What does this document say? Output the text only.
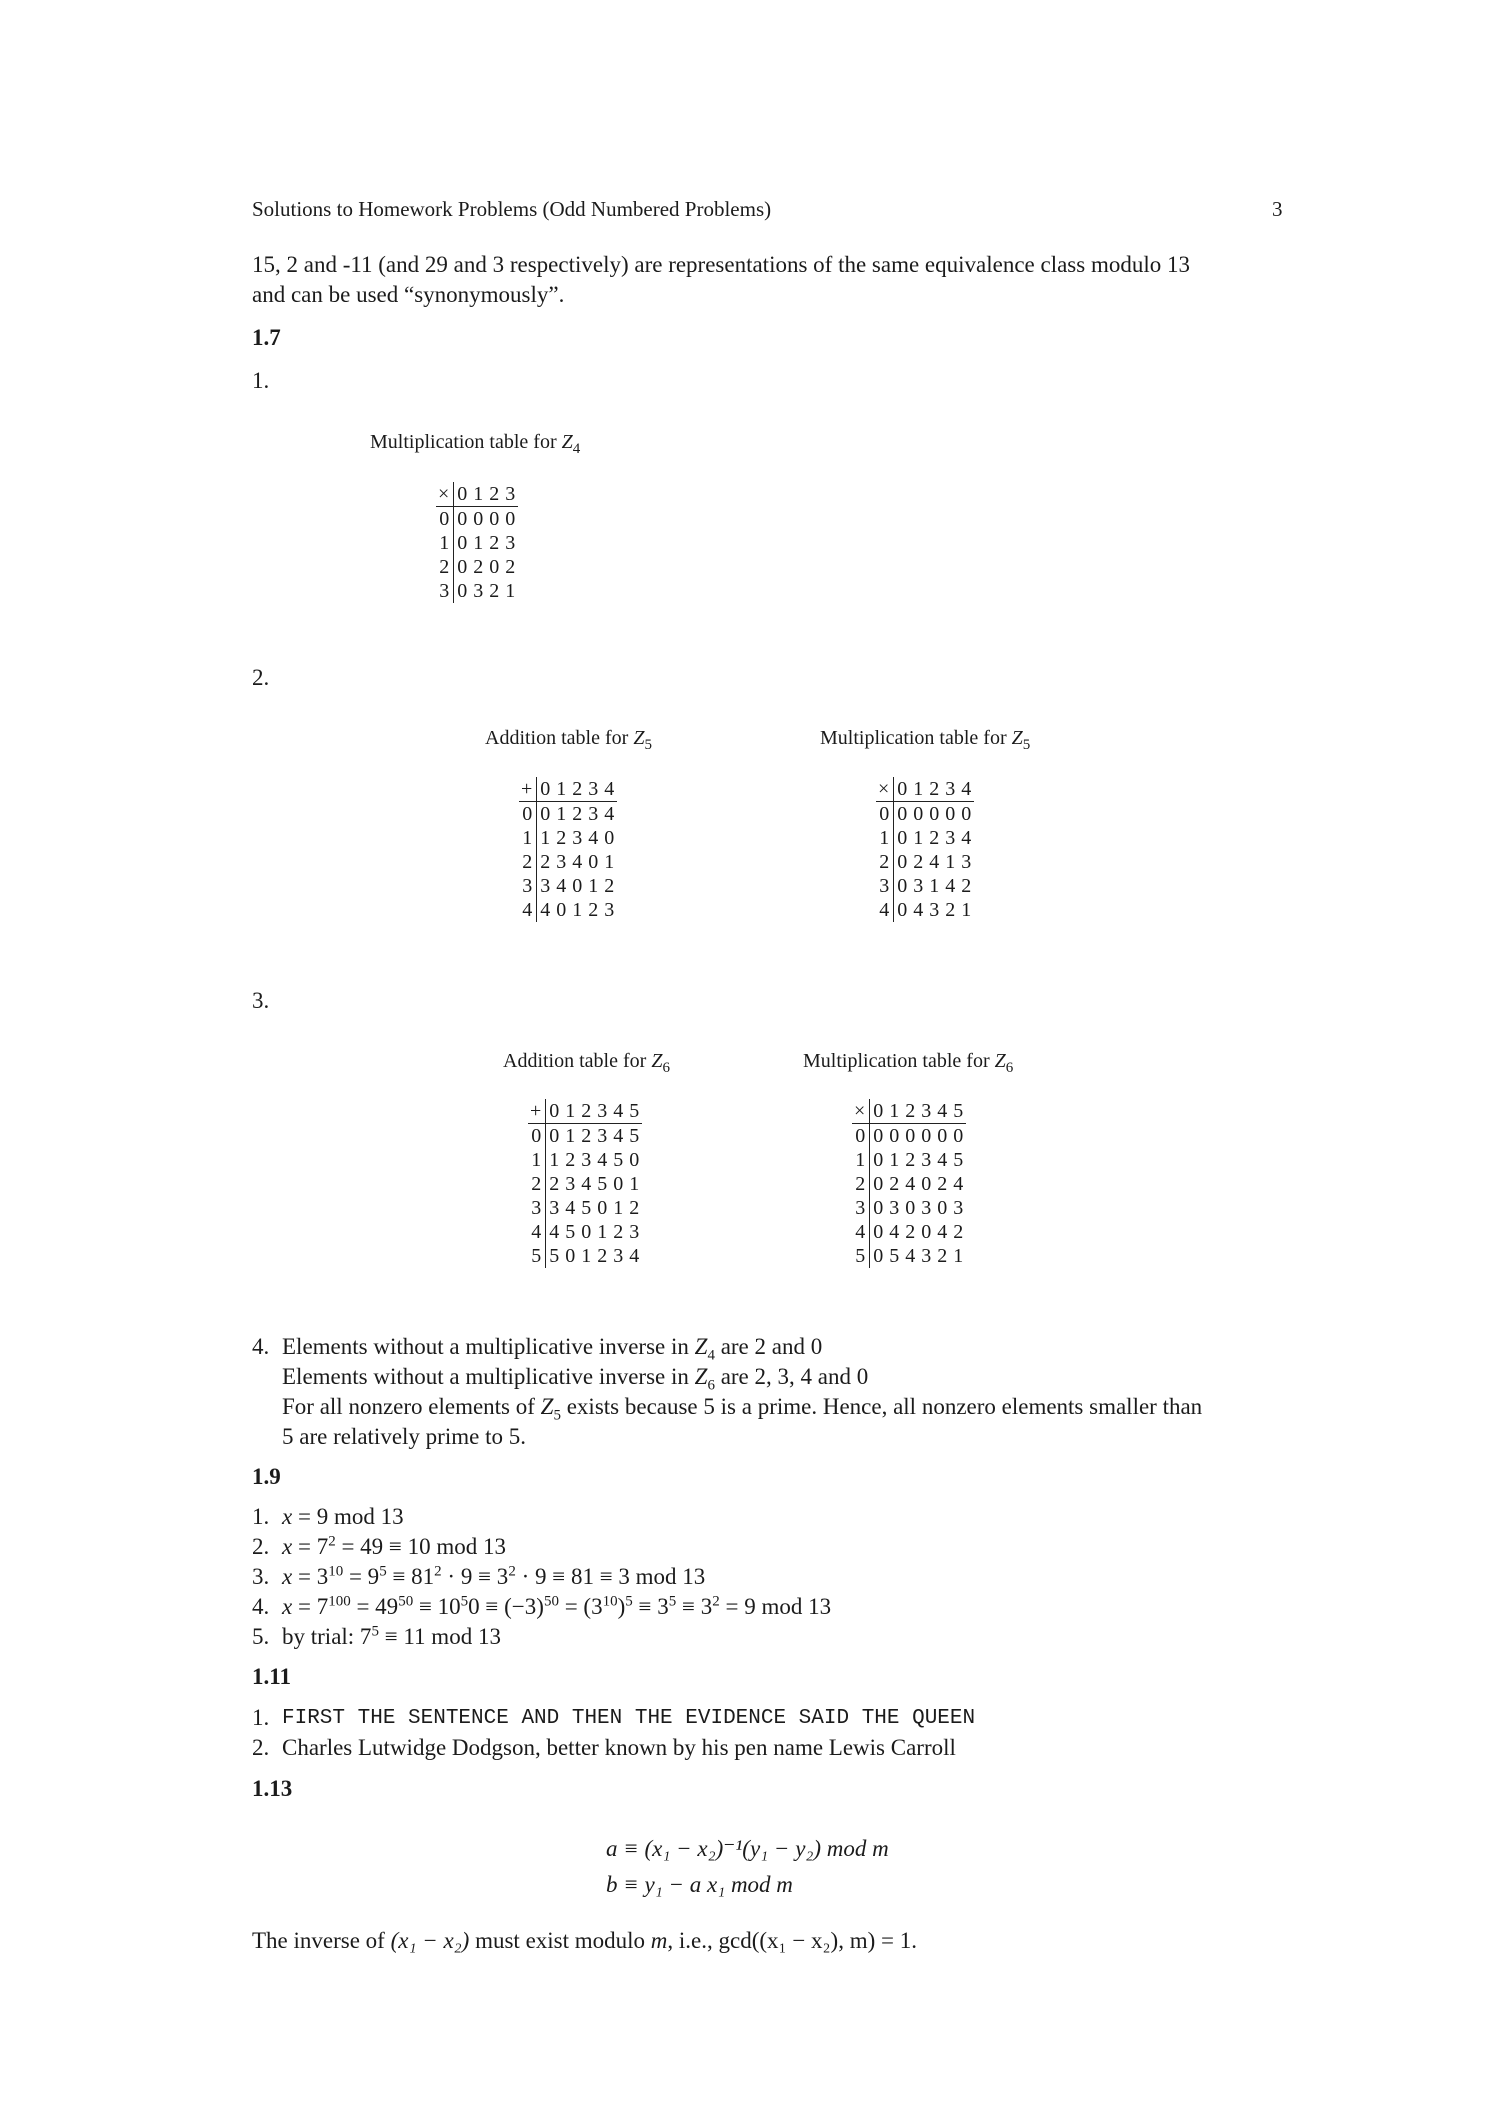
Solutions to Homework Problems (Odd Numbered Problems)	3
15, 2 and -11 (and 29 and 3 respectively) are representations of the same equivalence class modulo 13
and can be used “synonymously”.
1.7
1.
Multiplication table for $Z_4$
×	0	1	2	3
0	0	0	0	0
1	0	1	2	3
2	0	2	0	2
3	0	3	2	1
2.
Addition table for $Z_5$
+	0	1	2	3	4
0	0	1	2	3	4
1	1	2	3	4	0
2	2	3	4	0	1
3	3	4	0	1	2
4	4	0	1	2	3
Multiplication table for $Z_5$
×	0	1	2	3	4
0	0	0	0	0	0
1	0	1	2	3	4
2	0	2	4	1	3
3	0	3	1	4	2
4	0	4	3	2	1
3.
Addition table for $Z_6$
+	0	1	2	3	4	5
0	0	1	2	3	4	5
1	1	2	3	4	5	0
2	2	3	4	5	0	1
3	3	4	5	0	1	2
4	4	5	0	1	2	3
5	5	0	1	2	3	4
Multiplication table for $Z_6$
×	0	1	2	3	4	5
0	0	0	0	0	0	0
1	0	1	2	3	4	5
2	0	2	4	0	2	4
3	0	3	0	3	0	3
4	0	4	2	0	4	2
5	0	5	4	3	2	1
4. Elements without a multiplicative inverse in $Z_4$ are 2 and 0
Elements without a multiplicative inverse in $Z_6$ are 2, 3, 4 and 0
For all nonzero elements of $Z_5$ exists because 5 is a prime. Hence, all nonzero elements smaller than
5 are relatively prime to 5.
1.9
1. x = 9 mod 13
2. $x = 7^2 = 49 \equiv 10$ mod 13
3. $x = 3^{10} = 9^5 \equiv 81^2 \cdot 9 \equiv 3^2 \cdot 9 \equiv 81 \equiv 3$ mod 13
4. $x = 7^{100} = 49^{50} \equiv 10^50 \equiv (-3)^{50} = (3^{10})^5 \equiv 3^5 \equiv 3^2 = 9$ mod 13
5. by trial: $7^5 \equiv 11$ mod 13
1.11
1. FIRST THE SENTENCE AND THEN THE EVIDENCE SAID THE QUEEN
2. Charles Lutwidge Dodgson, better known by his pen name Lewis Carroll
1.13
a ≡ (x₁ − x₂)⁻¹(y₁ − y₂) mod m
b ≡ y₁ − a x₁ mod m
The inverse of (x₁ − x₂) must exist modulo m, i.e., gcd((x₁ − x₂), m) = 1.
